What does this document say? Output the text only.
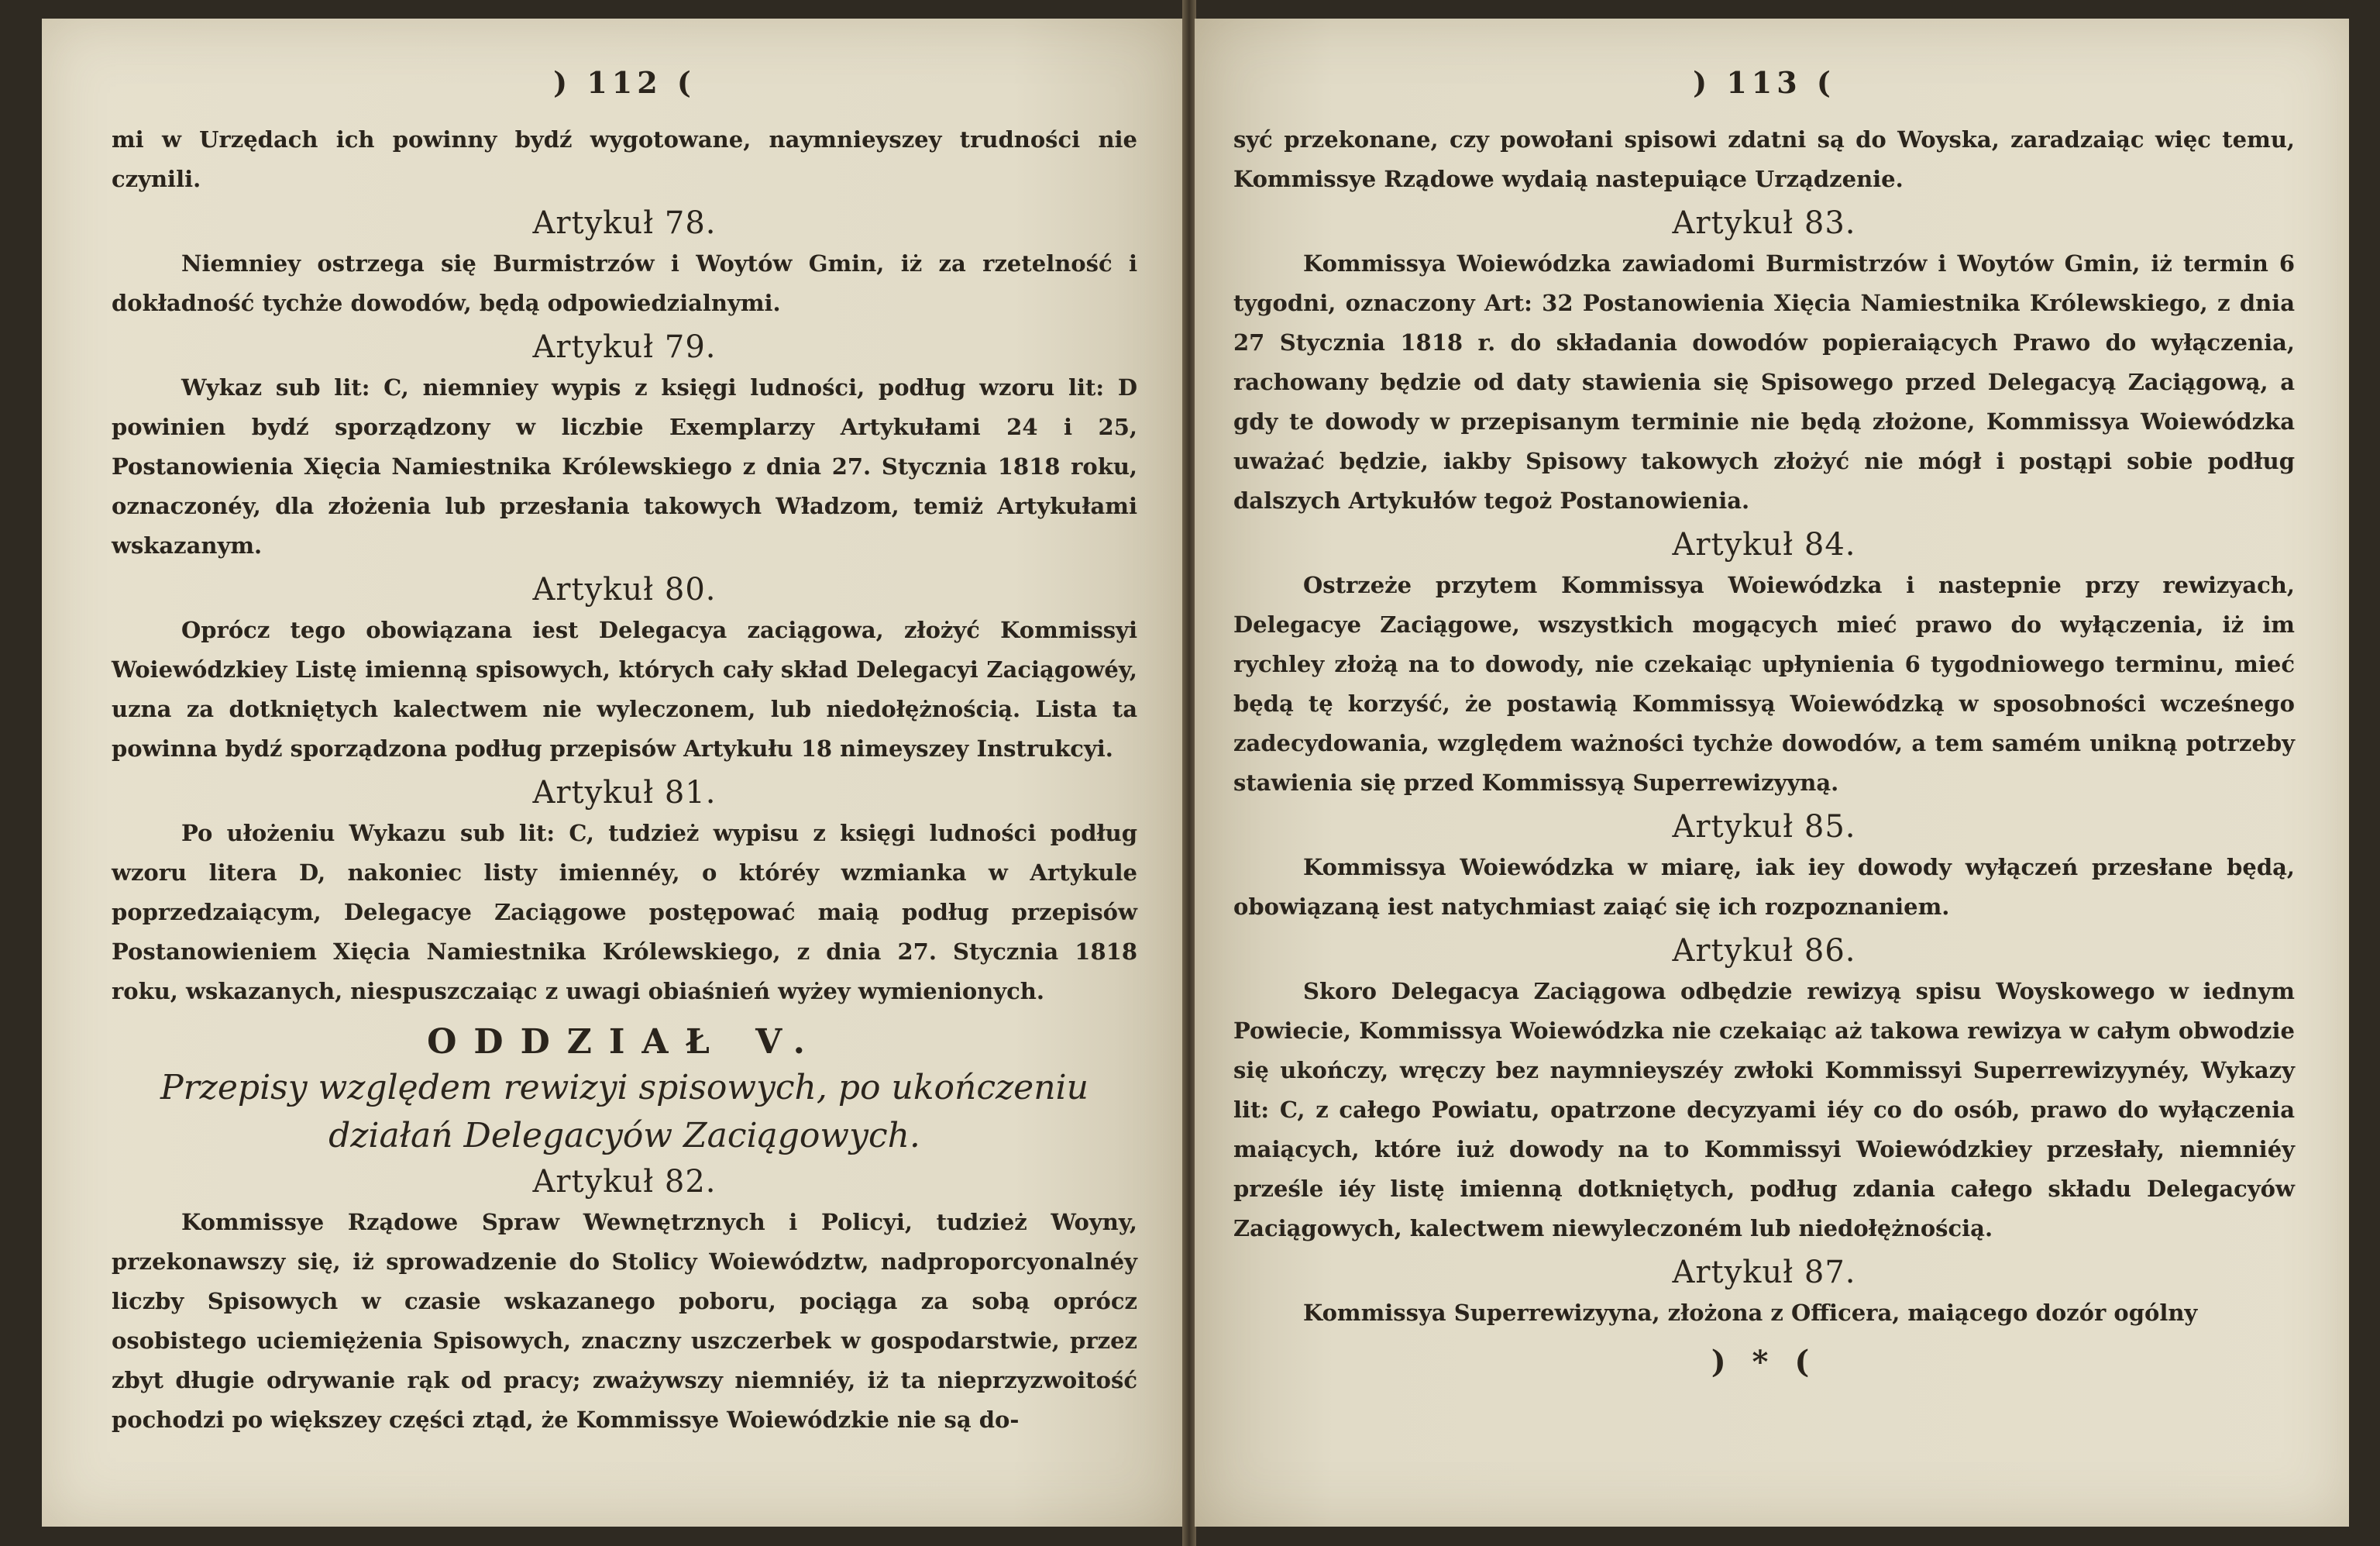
) 112 (

mi w Urzędach ich powinny bydź wygotowane, naymnieyszey trudności nie czynili.

Artykuł 78.

Niemniey ostrzega się Burmistrzów i Woytów Gmin, iż za rzetelność i dokładność tychże dowodów, będą odpowiedzialnymi.

Artykuł 79.

Wykaz sub lit: C, niemniey wypis z księgi ludności, podług wzoru lit: D powinien bydź sporządzony w liczbie Exemplarzy Artykułami 24 i 25, Postanowienia Xięcia Namiestnika Królewskiego z dnia 27. Stycznia 1818 roku, oznaczonéy, dla złożenia lub przesłania takowych Władzom, temiż Artykułami wskazanym.

Artykuł 80.

Oprócz tego obowiązana iest Delegacya zaciągowa, złożyć Kommissyi Woiewódzkiey Listę imienną spisowych, których cały skład Delegacyi Zaciągowéy, uzna za dotkniętych kalectwem nie wyleczonem, lub niedołężnością. Lista ta powinna bydź sporządzona podług przepisów Artykułu 18 nimeyszey Instrukcyi.

Artykuł 81.

Po ułożeniu Wykazu sub lit: C, tudzież wypisu z księgi ludności podług wzoru litera D, nakoniec listy imiennéy, o któréy wzmianka w Artykule poprzedzaiącym, Delegacye Zaciągowe postępować maią podług przepisów Postanowieniem Xięcia Namiestnika Królewskiego, z dnia 27. Stycznia 1818 roku, wskazanych, niespuszczaiąc z uwagi obiaśnień wyżey wymienionych.

ODDZIAŁ V.
Przepisy względem rewizyi spisowych, po ukończeniu
działań Delegacyów Zaciągowych.
Artykuł 82.

Kommissye Rządowe Spraw Wewnętrznych i Policyi, tudzież Woyny, przekonawszy się, iż sprowadzenie do Stolicy Woiewództw, nadproporcyonalnéy liczby Spisowych w czasie wskazanego poboru, pociąga za sobą oprócz osobistego uciemiężenia Spisowych, znaczny uszczerbek w gospodarstwie, przez zbyt długie odrywanie rąk od pracy; zważywszy niemniéy, iż ta nieprzyzwoitość pochodzi po większey części ztąd, że Kommissye Woiewódzkie nie są do-

) 113 (

syć przekonane, czy powołani spisowi zdatni są do Woyska, zaradzaiąc więc temu, Kommissye Rządowe wydaią nastepuiące Urządzenie.

Artykuł 83.

Kommissya Woiewódzka zawiadomi Burmistrzów i Woytów Gmin, iż termin 6 tygodni, oznaczony Art: 32 Postanowienia Xięcia Namiestnika Królewskiego, z dnia 27 Stycznia 1818 r. do składania dowodów popieraiących Prawo do wyłączenia, rachowany będzie od daty stawienia się Spisowego przed Delegacyą Zaciągową, a gdy te dowody w przepisanym terminie nie będą złożone, Kommissya Woiewódzka uważać będzie, iakby Spisowy takowych złożyć nie mógł i postąpi sobie podług dalszych Artykułów tegoż Postanowienia.

Artykuł 84.

Ostrzeże przytem Kommissya Woiewódzka i nastepnie przy rewizyach, Delegacye Zaciągowe, wszystkich mogących mieć prawo do wyłączenia, iż im rychley złożą na to dowody, nie czekaiąc upłynienia 6 tygodniowego terminu, mieć będą tę korzyść, że postawią Kommissyą Woiewódzką w sposobności wcześnego zadecydowania, względem ważności tychże dowodów, a tem samém unikną potrzeby stawienia się przed Kommissyą Superrewizyyną.

Artykuł 85.

Kommissya Woiewódzka w miarę, iak iey dowody wyłączeń przesłane będą, obowiązaną iest natychmiast zaiąć się ich rozpoznaniem.

Artykuł 86.

Skoro Delegacya Zaciągowa odbędzie rewizyą spisu Woyskowego w iednym Powiecie, Kommissya Woiewódzka nie czekaiąc aż takowa rewizya w całym obwodzie się ukończy, wręczy bez naymnieyszéy zwłoki Kommissyi Superrewizyynéy, Wykazy lit: C, z całego Powiatu, opatrzone decyzyami iéy co do osób, prawo do wyłączenia maiących, które iuż dowody na to Kommissyi Woiewódzkiey przesłały, niemniéy prześle iéy listę imienną dotkniętych, podług zdania całego składu Delegacyów Zaciągowych, kalectwem niewyleczoném lub niedołężnością.

Artykuł 87.

Kommissya Superrewizyyna, złożona z Officera, maiącego dozór ogólny

) * (
